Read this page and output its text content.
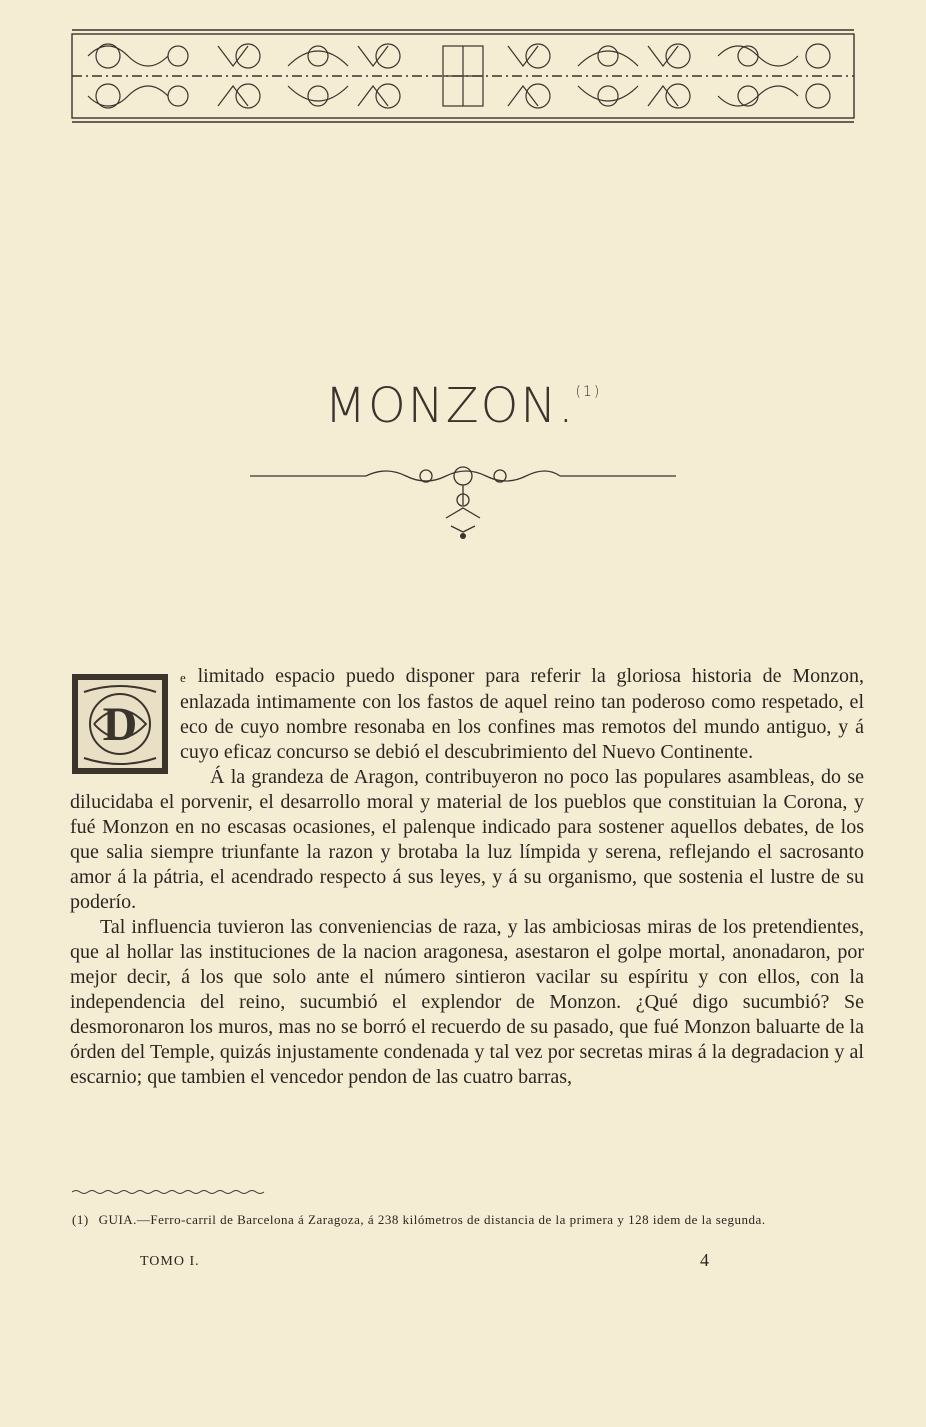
MONZON.$^{(1)}$

D
e limitado espacio puedo disponer para referir la gloriosa historia de Monzon, enlazada intimamente con los fastos de aquel reino tan poderoso como respetado, el eco de cuyo nombre resonaba en los confines mas remotos del mundo antiguo, y á cuyo eficaz concurso se debió el descubrimiento del Nuevo Continente.

Á la grandeza de Aragon, contribuyeron no poco las populares asambleas, do se dilucidaba el porvenir, el desarrollo moral y material de los pueblos que constituian la Corona, y fué Monzon en no escasas ocasiones, el palenque indicado para sostener aquellos debates, de los que salia siempre triunfante la razon y brotaba la luz límpida y serena, reflejando el sacrosanto amor á la pátria, el acendrado respecto á sus leyes, y á su organismo, que sostenia el lustre de su poderío.

Tal influencia tuvieron las conveniencias de raza, y las ambiciosas miras de los pretendientes, que al hollar las instituciones de la nacion aragonesa, asestaron el golpe mortal, anonadaron, por mejor decir, á los que solo ante el número sintieron vacilar su espíritu y con ellos, con la independencia del reino, sucumbió el explendor de Monzon. ¿Qué digo sucumbió? Se desmoronaron los muros, mas no se borró el recuerdo de su pasado, que fué Monzon baluarte de la órden del Temple, quizás injustamente condenada y tal vez por secretas miras á la degradacion y al escarnio; que tambien el vencedor pendon de las cuatro barras,

(1) GUIA.—Ferro-carril de Barcelona á Zaragoza, á 238 kilómetros de distancia de la primera y 128 idem de la segunda.
TOMO I.	4
